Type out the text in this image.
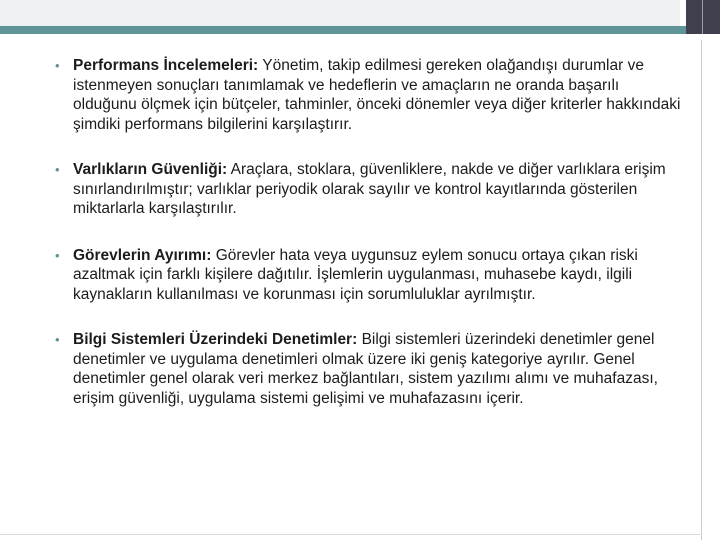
• Performans İncelemeleri: Yönetim, takip edilmesi gereken olağandışı durumlar ve istenmeyen sonuçları tanımlamak ve hedeflerin ve amaçların ne oranda başarılı olduğunu ölçmek için bütçeler, tahminler, önceki dönemler veya diğer kriterler hakkındaki şimdiki performans bilgilerini karşılaştırır.
• Varlıkların Güvenliği: Araçlara, stoklara, güvenliklere, nakde ve diğer varlıklara erişim sınırlandırılmıştır; varlıklar periyodik olarak sayılır ve kontrol kayıtlarında gösterilen miktarlarla karşılaştırılır.
• Görevlerin Ayırımı: Görevler hata veya uygunsuz eylem sonucu ortaya çıkan riski azaltmak için farklı kişilere dağıtılır. İşlemlerin uygulanması, muhasebe kaydı, ilgili kaynakların kullanılması ve korunması için sorumluluklar ayrılmıştır.
• Bilgi Sistemleri Üzerindeki Denetimler: Bilgi sistemleri üzerindeki denetimler genel denetimler ve uygulama denetimleri olmak üzere iki geniş kategoriye ayrılır. Genel denetimler genel olarak veri merkez bağlantıları, sistem yazılımı alımı ve muhafazası, erişim güvenliği, uygulama sistemi gelişimi ve muhafazasını içerir.
